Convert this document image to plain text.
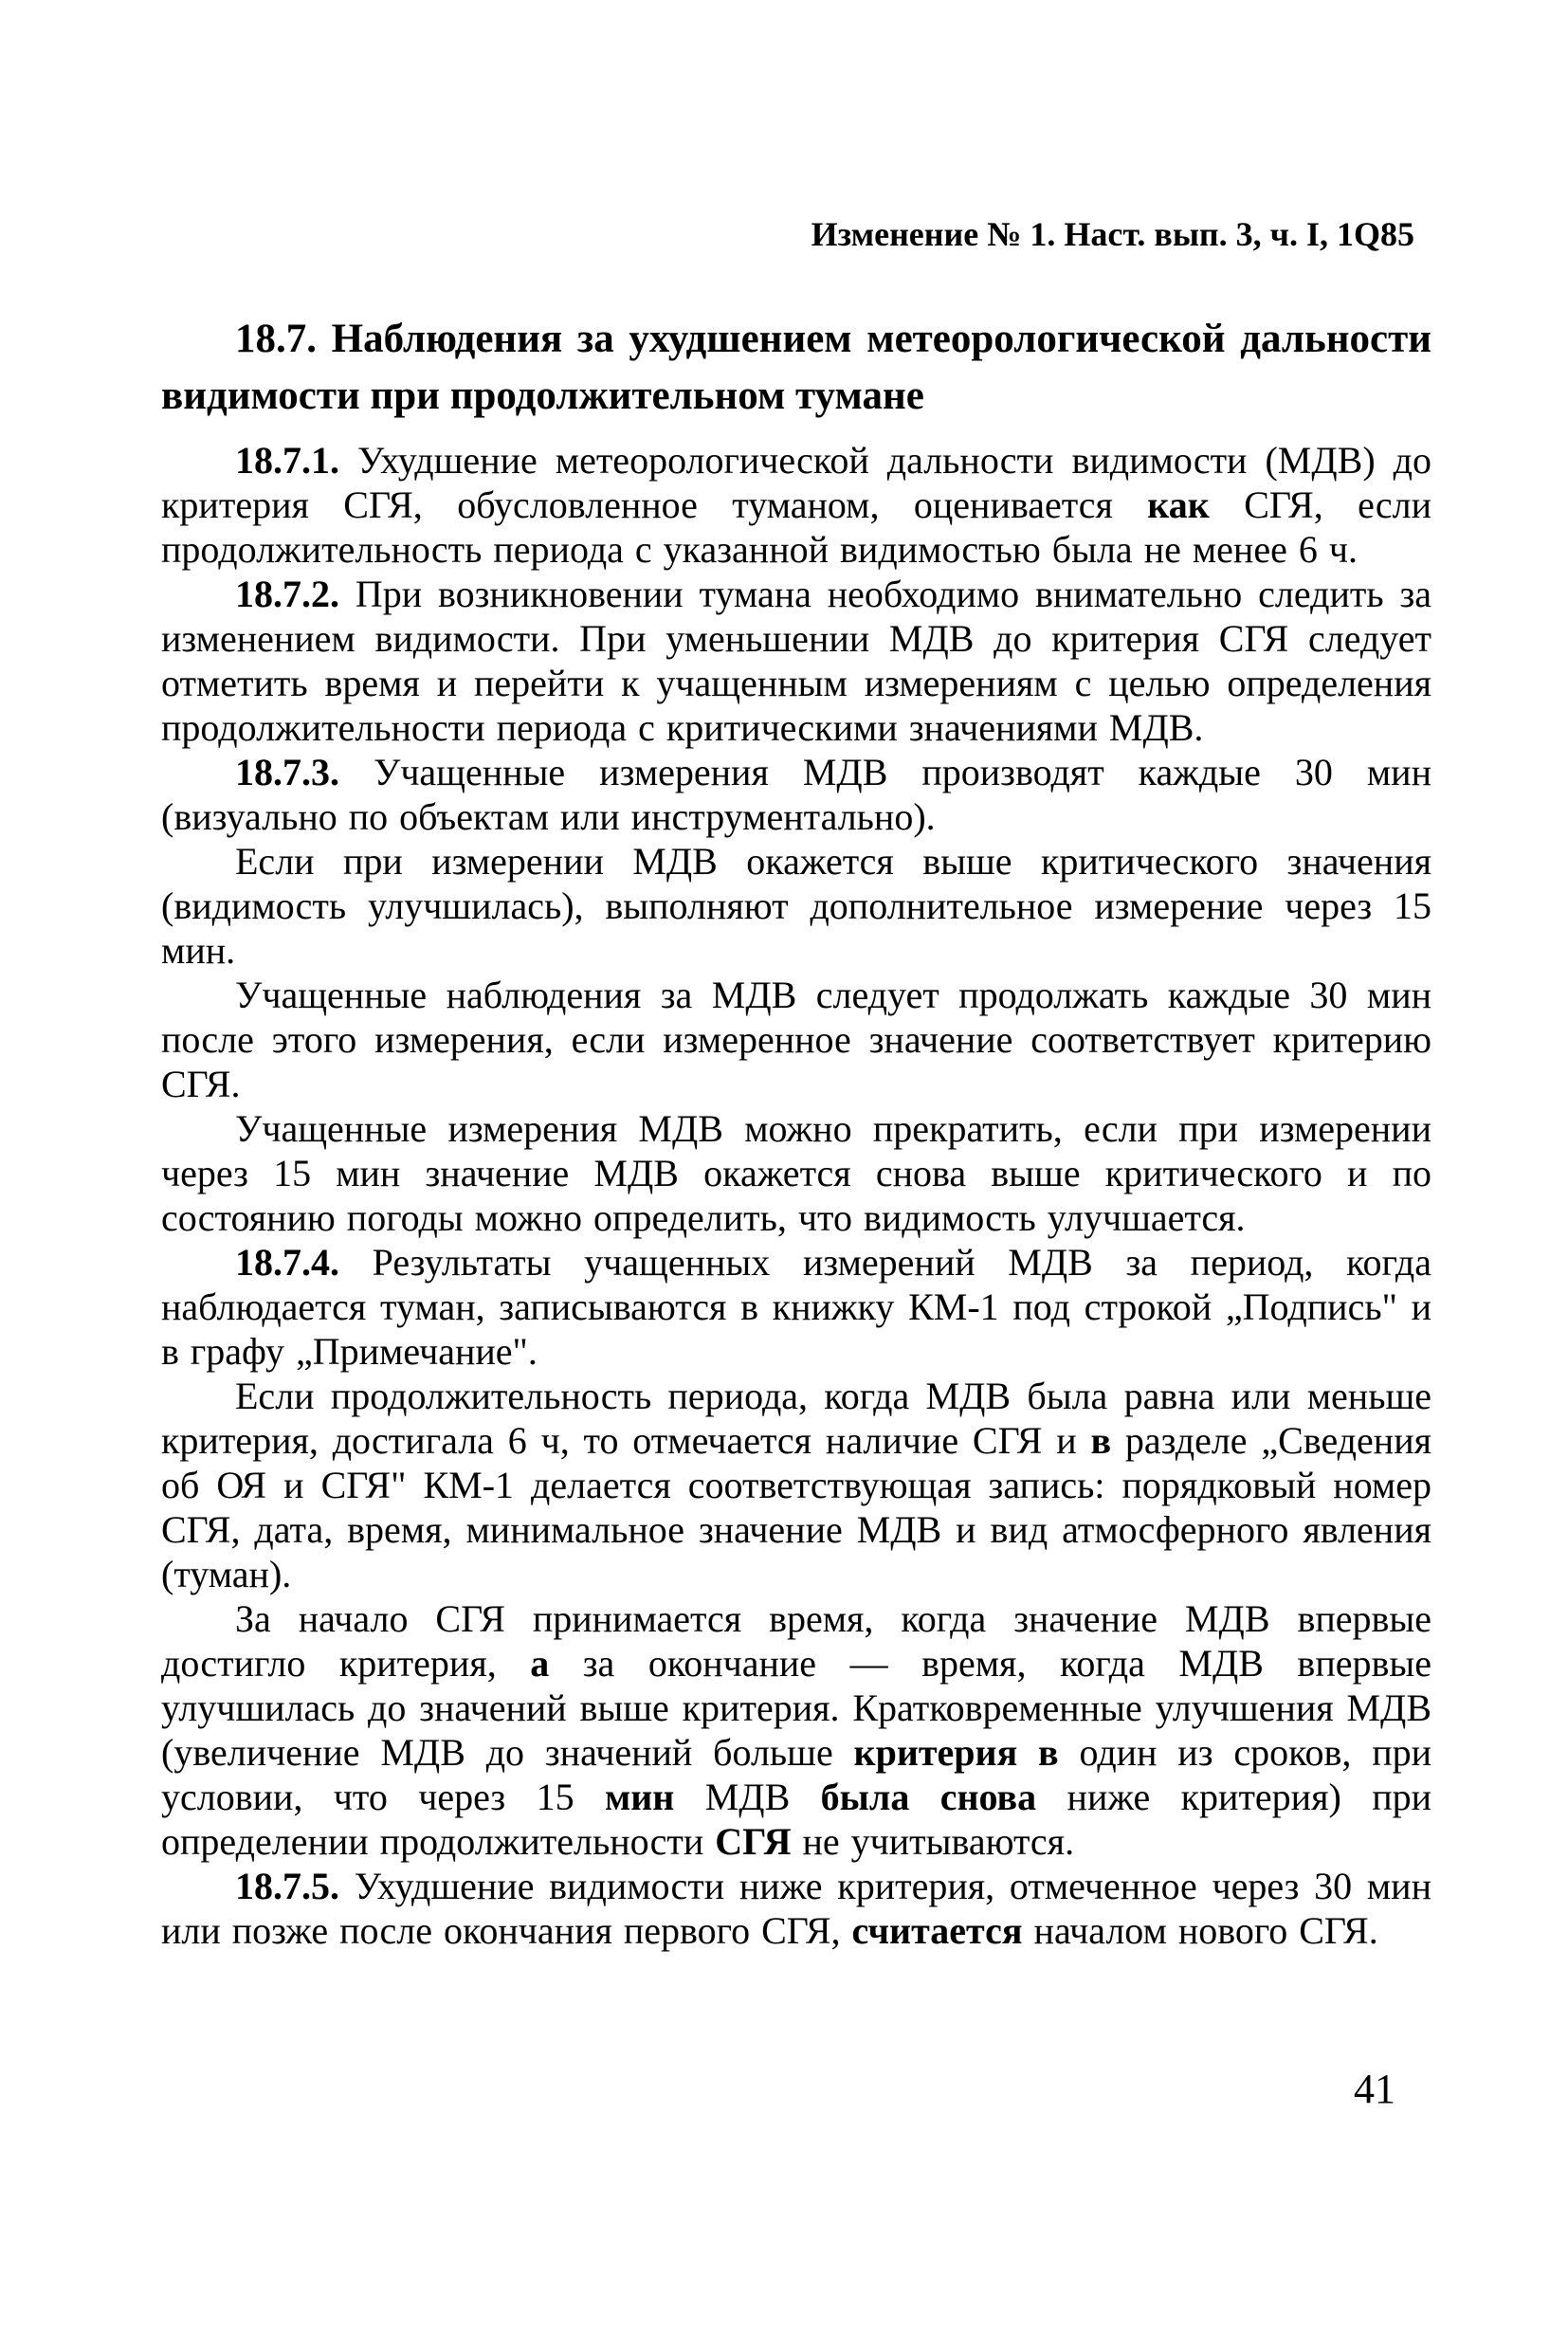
Изменение № 1. Наст. вып. 3, ч. I, 1Q85
18.7. Наблюдения за ухудшением метеорологической дальности видимости при продолжительном тумане

18.7.1. Ухудшение метеорологической дальности видимости (МДВ) до критерия СГЯ, обусловленное туманом, оценивается как СГЯ, если продолжительность периода с указанной видимостью была не менее 6 ч.

18.7.2. При возникновении тумана необходимо внимательно следить за изменением видимости. При уменьшении МДВ до критерия СГЯ следует отметить время и перейти к учащенным измерениям с целью определения продолжительности периода с критическими значениями МДВ.

18.7.3. Учащенные измерения МДВ производят каждые 30 мин (визуально по объектам или инструментально).

Если при измерении МДВ окажется выше критического значения (видимость улучшилась), выполняют дополнительное измерение через 15 мин.

Учащенные наблюдения за МДВ следует продолжать каждые 30 мин после этого измерения, если измеренное значение соответствует критерию СГЯ.

Учащенные измерения МДВ можно прекратить, если при измерении через 15 мин значение МДВ окажется снова выше критического и по состоянию погоды можно определить, что видимость улучшается.

18.7.4. Результаты учащенных измерений МДВ за период, когда наблюдается туман, записываются в книжку КМ-1 под строкой „Подпись" и в графу „Примечание".

Если продолжительность периода, когда МДВ была равна или меньше критерия, достигала 6 ч, то отмечается наличие СГЯ и в разделе „Сведения об ОЯ и СГЯ" КМ-1 делается соответствующая запись: порядковый номер СГЯ, дата, время, минимальное значение МДВ и вид атмосферного явления (туман).

За начало СГЯ принимается время, когда значение МДВ впервые достигло критерия, а за окончание — время, когда МДВ впервые улучшилась до значений выше критерия. Кратковременные улучшения МДВ (увеличение МДВ до значений больше критерия в один из сроков, при условии, что через 15 мин МДВ была снова ниже критерия) при определении продолжительности СГЯ не учитываются.

18.7.5. Ухудшение видимости ниже критерия, отмеченное через 30 мин или позже после окончания первого СГЯ, считается началом нового СГЯ.

41
